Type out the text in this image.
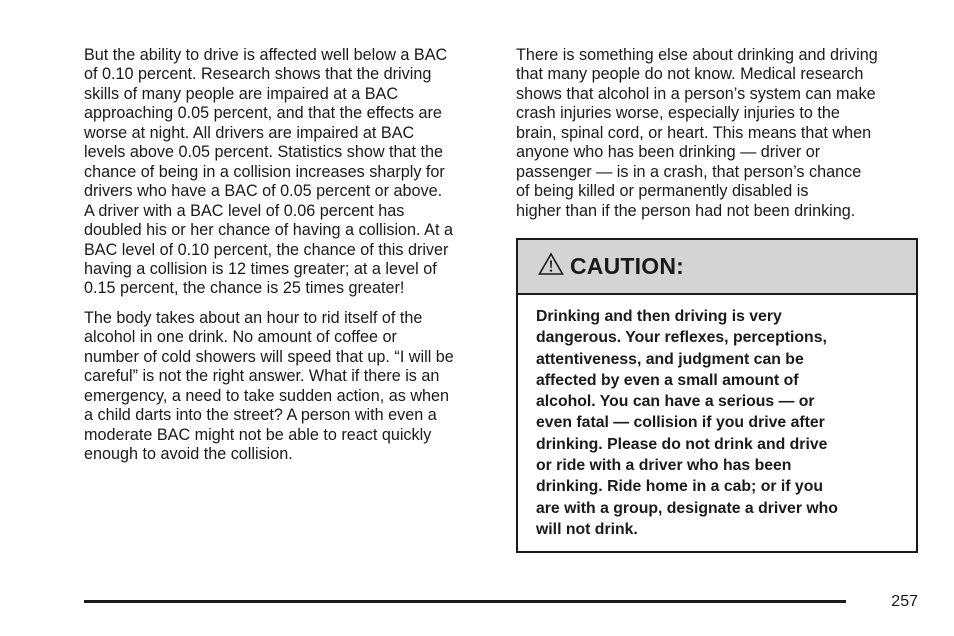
But the ability to drive is affected well below a BAC
of 0.10 percent. Research shows that the driving
skills of many people are impaired at a BAC
approaching 0.05 percent, and that the effects are
worse at night. All drivers are impaired at BAC
levels above 0.05 percent. Statistics show that the
chance of being in a collision increases sharply for
drivers who have a BAC of 0.05 percent or above.
A driver with a BAC level of 0.06 percent has
doubled his or her chance of having a collision. At a
BAC level of 0.10 percent, the chance of this driver
having a collision is 12 times greater; at a level of
0.15 percent, the chance is 25 times greater!
The body takes about an hour to rid itself of the
alcohol in one drink. No amount of coffee or
number of cold showers will speed that up. “I will be
careful” is not the right answer. What if there is an
emergency, a need to take sudden action, as when
a child darts into the street? A person with even a
moderate BAC might not be able to react quickly
enough to avoid the collision.
There is something else about drinking and driving
that many people do not know. Medical research
shows that alcohol in a person’s system can make
crash injuries worse, especially injuries to the
brain, spinal cord, or heart. This means that when
anyone who has been drinking — driver or
passenger — is in a crash, that person’s chance
of being killed or permanently disabled is
higher than if the person had not been drinking.
CAUTION:
Drinking and then driving is very
dangerous. Your reflexes, perceptions,
attentiveness, and judgment can be
affected by even a small amount of
alcohol. You can have a serious — or
even fatal — collision if you drive after
drinking. Please do not drink and drive
or ride with a driver who has been
drinking. Ride home in a cab; or if you
are with a group, designate a driver who
will not drink.
257
